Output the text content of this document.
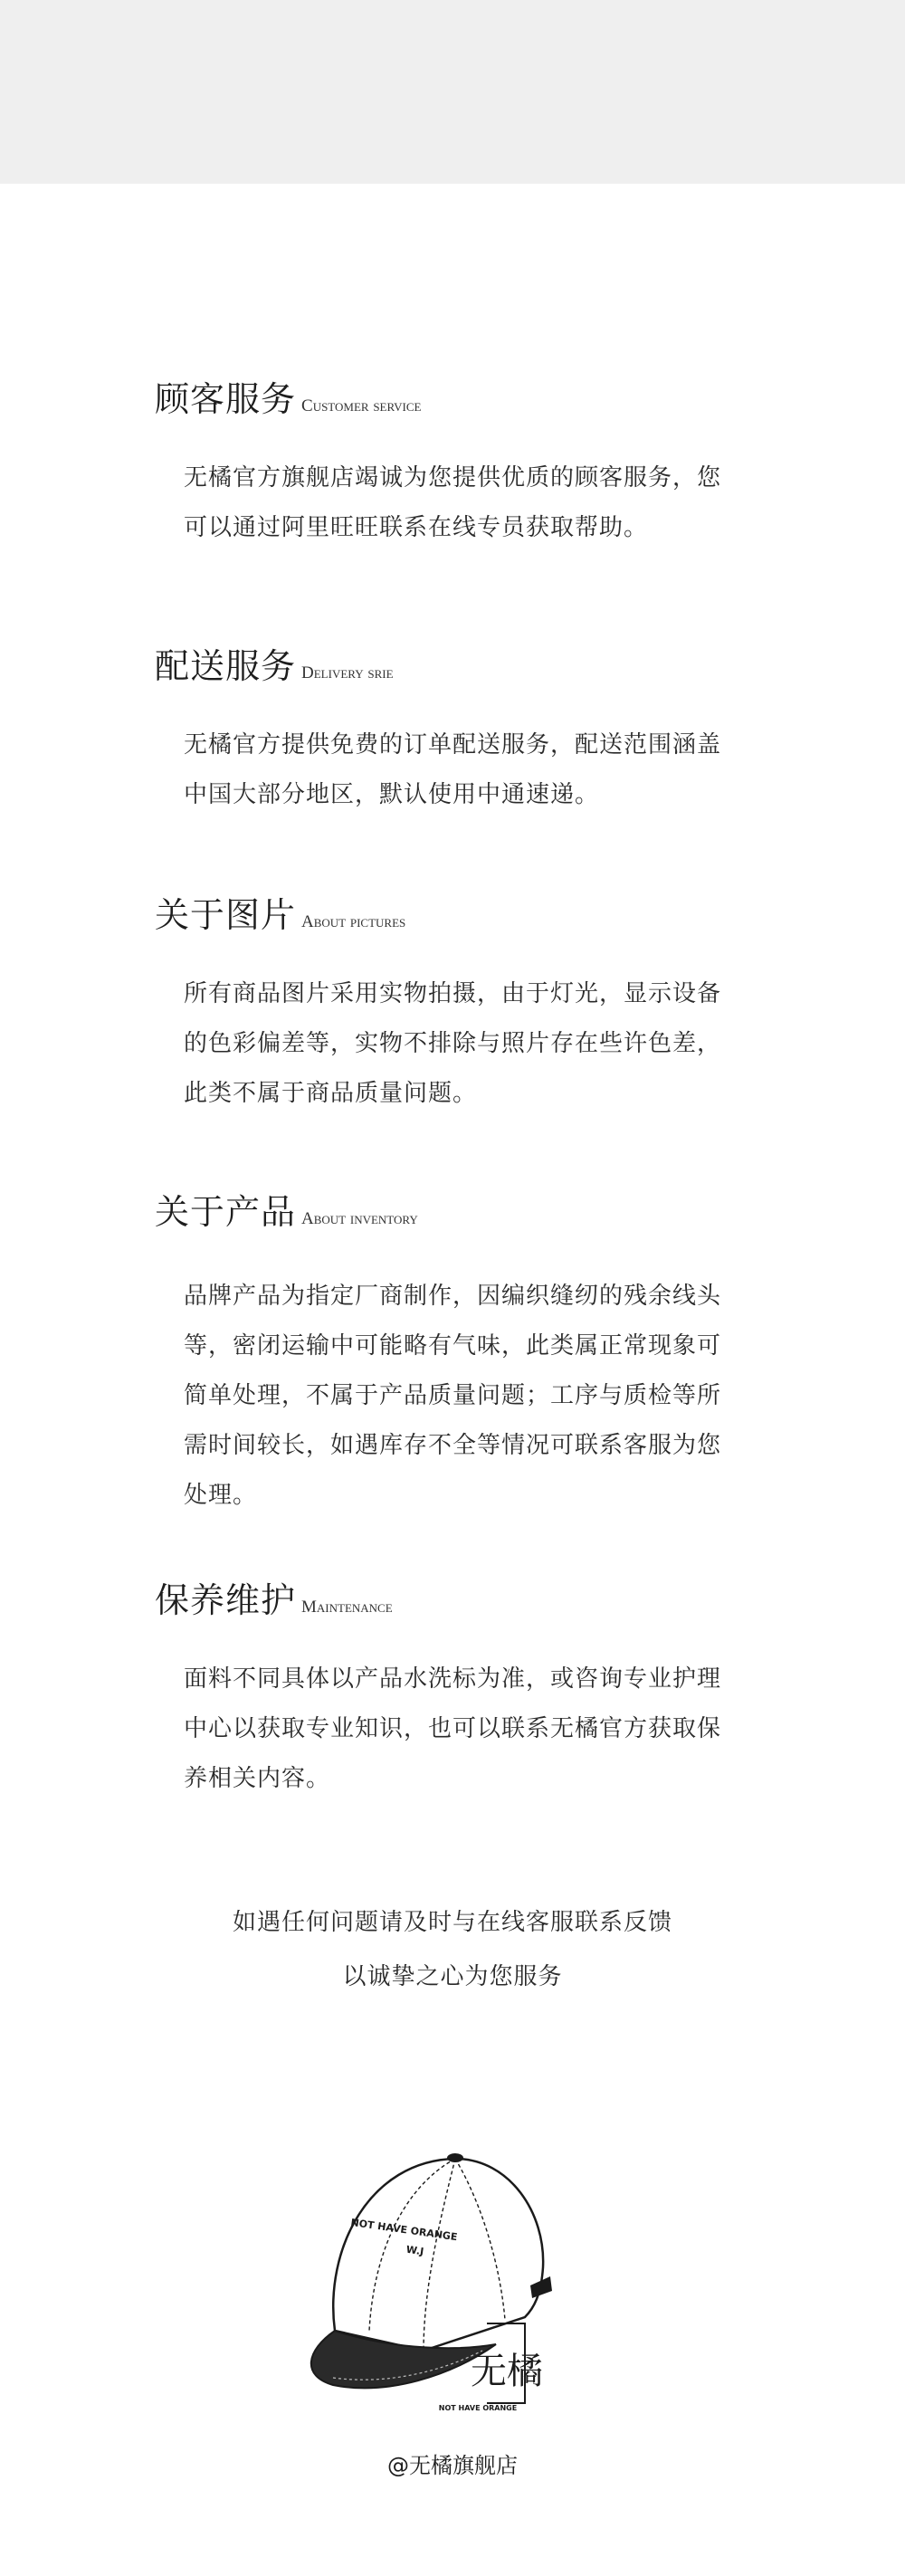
顾客服务 Customer service
无橘官方旗舰店竭诚为您提供优质的顾客服务，您
可以通过阿里旺旺联系在线专员获取帮助。
配送服务 Delivery srie
无橘官方提供免费的订单配送服务，配送范围涵盖
中国大部分地区，默认使用中通速递。
关于图片 About pictures
所有商品图片采用实物拍摄，由于灯光，显示设备
的色彩偏差等，实物不排除与照片存在些许色差，
此类不属于商品质量问题。
关于产品 About inventory
品牌产品为指定厂商制作，因编织缝纫的残余线头
等，密闭运输中可能略有气味，此类属正常现象可
简单处理，不属于产品质量问题；工序与质检等所
需时间较长，如遇库存不全等情况可联系客服为您
处理。
保养维护 Maintenance
面料不同具体以产品水洗标为准，或咨询专业护理
中心以获取专业知识，也可以联系无橘官方获取保
养相关内容。
如遇任何问题请及时与在线客服联系反馈
以诚挚之心为您服务
NOT HAVE ORANGE
W.J
无橘
NOT HAVE ORANGE
@无橘旗舰店
